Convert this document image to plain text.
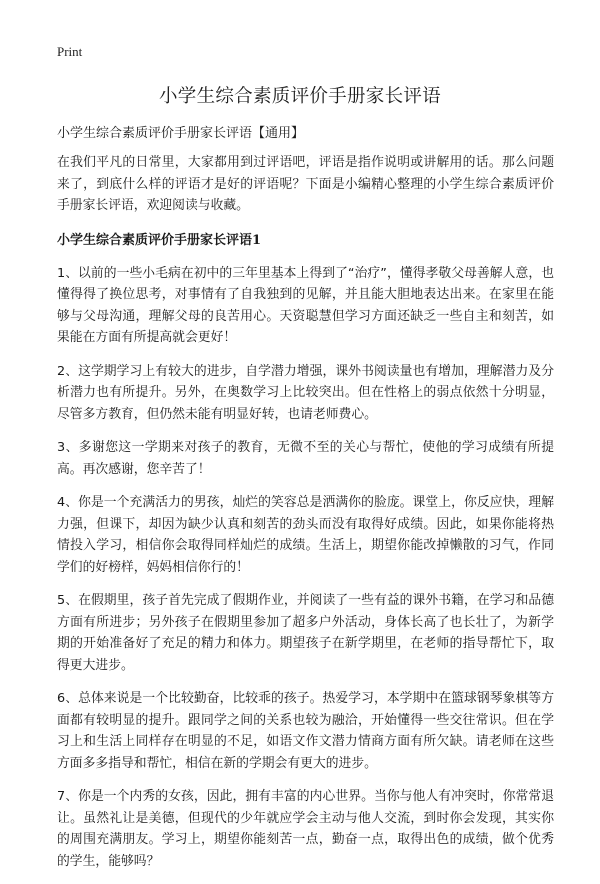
Print
小学生综合素质评价手册家长评语

小学生综合素质评价手册家长评语【通用】

在我们平凡的日常里，大家都用到过评语吧，评语是指作说明或讲解用的话。那么问题来了，到底什么样的评语才是好的评语呢？下面是小编精心整理的小学生综合素质评价手册家长评语，欢迎阅读与收藏。

小学生综合素质评价手册家长评语1

1、以前的一些小毛病在初中的三年里基本上得到了“治疗”，懂得孝敬父母善解人意，也懂得得了换位思考，对事情有了自我独到的见解，并且能大胆地表达出来。在家里在能够与父母沟通，理解父母的良苦用心。天资聪慧但学习方面还缺乏一些自主和刻苦，如果能在方面有所提高就会更好！

2、这学期学习上有较大的进步，自学潜力增强，课外书阅读量也有增加，理解潜力及分析潜力也有所提升。另外，在奥数学习上比较突出。但在性格上的弱点依然十分明显，尽管多方教育，但仍然未能有明显好转，也请老师费心。

3、多谢您这一学期来对孩子的教育，无微不至的关心与帮忙，使他的学习成绩有所提高。再次感谢，您辛苦了！

4、你是一个充满活力的男孩，灿烂的笑容总是洒满你的脸庞。课堂上，你反应快，理解力强，但课下，却因为缺少认真和刻苦的劲头而没有取得好成绩。因此，如果你能将热情投入学习，相信你会取得同样灿烂的成绩。生活上，期望你能改掉懒散的习气，作同学们的好榜样，妈妈相信你行的！

5、在假期里，孩子首先完成了假期作业，并阅读了一些有益的课外书籍，在学习和品德方面有所进步；另外孩子在假期里参加了超多户外活动，身体长高了也长壮了，为新学期的开始准备好了充足的精力和体力。期望孩子在新学期里，在老师的指导帮忙下，取得更大进步。

6、总体来说是一个比较勤奋，比较乖的孩子。热爱学习，本学期中在篮球钢琴象棋等方面都有较明显的提升。跟同学之间的关系也较为融洽，开始懂得一些交往常识。但在学习上和生活上同样存在明显的不足，如语文作文潜力情商方面有所欠缺。请老师在这些方面多多指导和帮忙，相信在新的学期会有更大的进步。

7、你是一个内秀的女孩，因此，拥有丰富的内心世界。当你与他人有冲突时，你常常退让。虽然礼让是美德，但现代的少年就应学会主动与他人交流，到时你会发现，其实你的周围充满朋友。学习上，期望你能刻苦一点，勤奋一点，取得出色的成绩，做个优秀的学生，能够吗？
